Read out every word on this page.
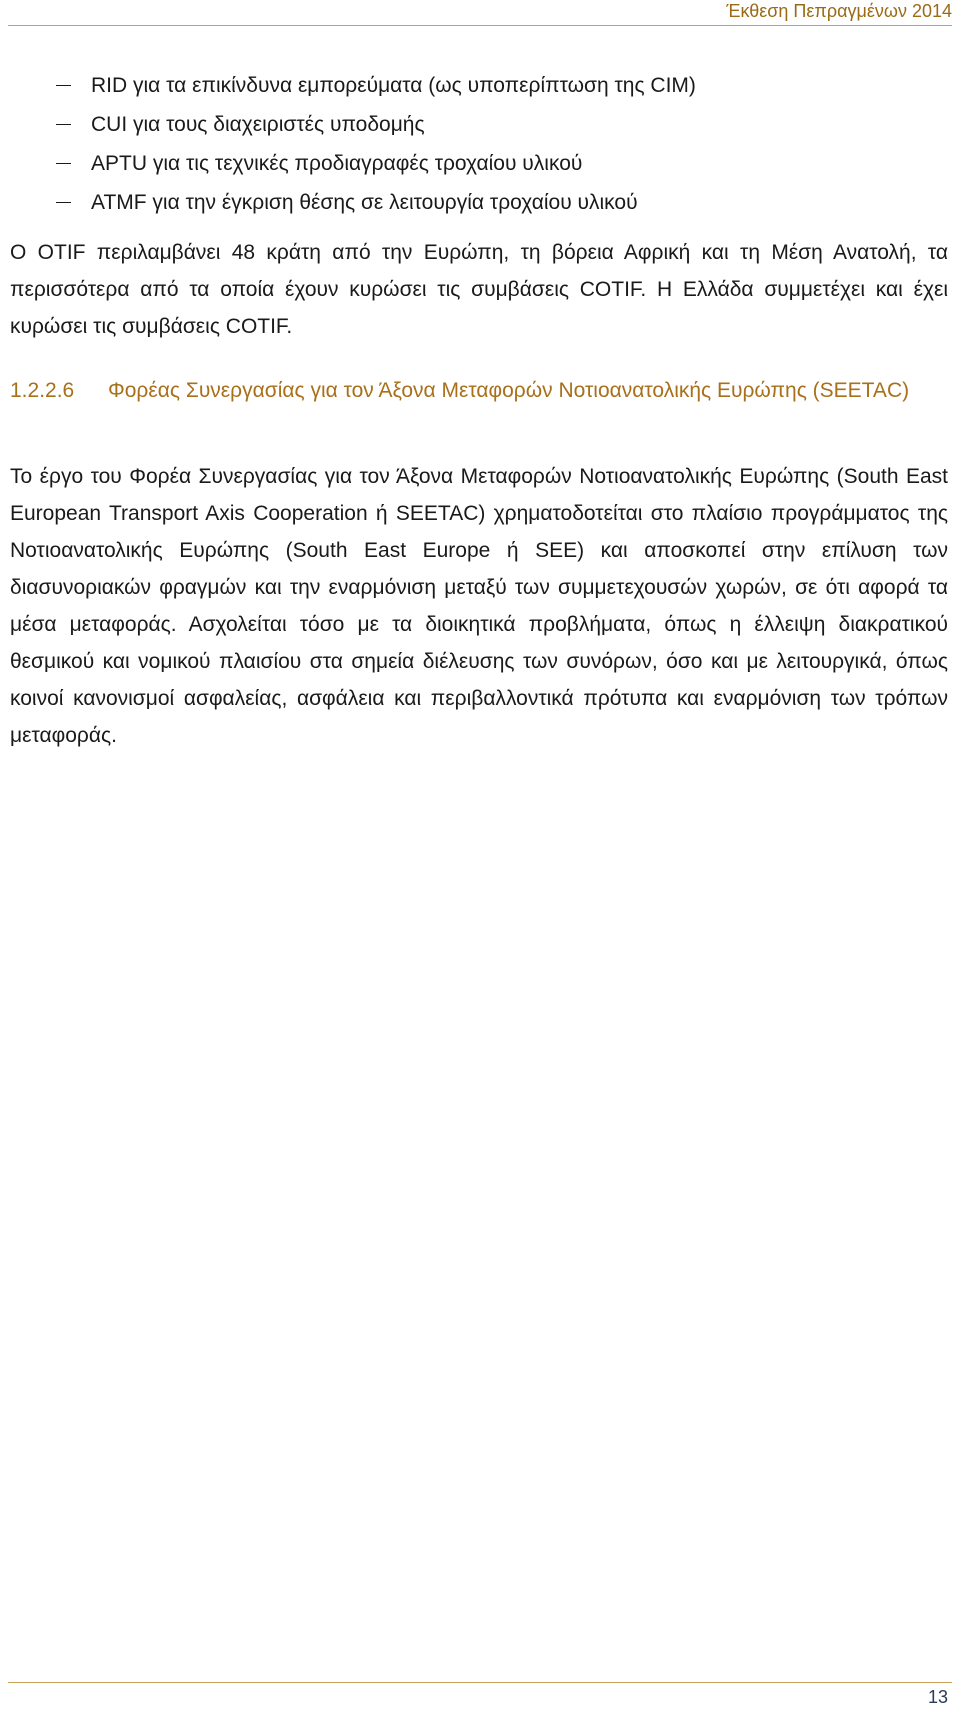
Έκθεση Πεπραγμένων 2014
RID για τα επικίνδυνα εμπορεύματα (ως υποπερίπτωση της CIM)
CUI για τους διαχειριστές υποδομής
APTU για τις τεχνικές προδιαγραφές τροχαίου υλικού
ATMF για την έγκριση θέσης σε λειτουργία τροχαίου υλικού

Ο OTIF περιλαμβάνει 48 κράτη από την Ευρώπη, τη βόρεια Αφρική και τη Μέση Ανατολή, τα περισσότερα από τα οποία έχουν κυρώσει τις συμβάσεις COTIF. Η Ελλάδα συμμετέχει και έχει κυρώσει τις συμβάσεις COTIF.

1.2.2.6 Φορέας Συνεργασίας για τον Άξονα Μεταφορών Νοτιοανατολικής Ευρώπης (SEETAC)

Το έργο του Φορέα Συνεργασίας για τον Άξονα Μεταφορών Νοτιοανατολικής Ευρώπης (South East European Transport Axis Cooperation ή SEETAC) χρηματοδοτείται στο πλαίσιο προγράμματος της Νοτιοανατολικής Ευρώπης (South East Europe ή SEE) και αποσκοπεί στην επίλυση των διασυνοριακών φραγμών και την εναρμόνιση μεταξύ των συμμετεχουσών χωρών, σε ότι αφορά τα μέσα μεταφοράς. Ασχολείται τόσο με τα διοικητικά προβλήματα, όπως η έλλειψη διακρατικού θεσμικού και νομικού πλαισίου στα σημεία διέλευσης των συνόρων, όσο και με λειτουργικά, όπως κοινοί κανονισμοί ασφαλείας, ασφάλεια και περιβαλλοντικά πρότυπα και εναρμόνιση των τρόπων μεταφοράς.

13
